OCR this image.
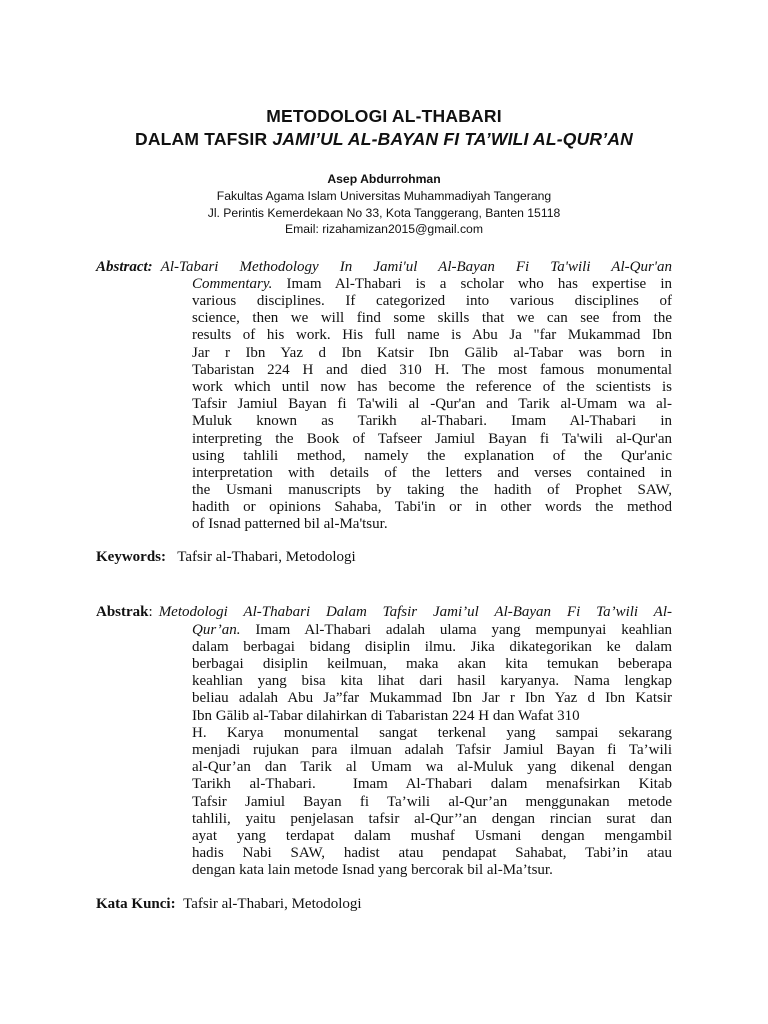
METODOLOGI AL-THABARI
DALAM TAFSIR JAMI’UL AL-BAYAN FI TA’WILI AL-QUR’AN
Asep Abdurrohman
Fakultas Agama Islam Universitas Muhammadiyah Tangerang
Jl. Perintis Kemerdekaan No 33, Kota Tanggerang, Banten 15118
Email: rizahamizan2015@gmail.com
Abstract: Al-Tabari Methodology In Jami'ul Al-Bayan Fi Ta'wili Al-Qur'an
Commentary. Imam Al-Thabari is a scholar who has expertise in
various disciplines. If categorized into various disciplines of
science, then we will find some skills that we can see from the
results of his work. His full name is Abu Ja "far Mukammad Ibn
Jar r Ibn Yaz d Ibn Katsir Ibn Gālib al-Tabar was born in
Tabaristan 224 H and died 310 H. The most famous monumental
work which until now has become the reference of the scientists is
Tafsir Jamiul Bayan fi Ta'wili al -Qur'an and Tarik al-Umam wa al-
Muluk known as Tarikh al-Thabari. Imam Al-Thabari in
interpreting the Book of Tafseer Jamiul Bayan fi Ta'wili al-Qur'an
using tahlili method, namely the explanation of the Qur'anic
interpretation with details of the letters and verses contained in
the Usmani manuscripts by taking the hadith of Prophet SAW,
hadith or opinions Sahaba, Tabi'in or in other words the method
of Isnad patterned bil al-Ma'tsur.
Keywords: Tafsir al-Thabari, Metodologi
Abstrak : Metodologi Al-Thabari Dalam Tafsir Jami’ul Al-Bayan Fi Ta’wili Al-
Qur’an. Imam Al-Thabari adalah ulama yang mempunyai keahlian
dalam berbagai bidang disiplin ilmu. Jika dikategorikan ke dalam
berbagai disiplin keilmuan, maka akan kita temukan beberapa
keahlian yang bisa kita lihat dari hasil karyanya. Nama lengkap
beliau adalah Abu Ja”far Mukammad Ibn Jar r Ibn Yaz d Ibn Katsir
Ibn Gālib al-Tabar dilahirkan di Tabaristan 224 H dan Wafat 310
H. Karya monumental sangat terkenal yang sampai sekarang
menjadi rujukan para ilmuan adalah Tafsir Jamiul Bayan fi Ta’wili
al-Qur’an dan Tarik al Umam wa al-Muluk yang dikenal dengan
Tarikh al-Thabari. Imam Al-Thabari dalam menafsirkan Kitab
Tafsir Jamiul Bayan fi Ta’wili al-Qur’an menggunakan metode
tahlili, yaitu penjelasan tafsir al-Qur’’an dengan rincian surat dan
ayat yang terdapat dalam mushaf Usmani dengan mengambil
hadis Nabi SAW, hadist atau pendapat Sahabat, Tabi’in atau
dengan kata lain metode Isnad yang bercorak bil al-Ma’tsur.
Kata Kunci: Tafsir al-Thabari, Metodologi
